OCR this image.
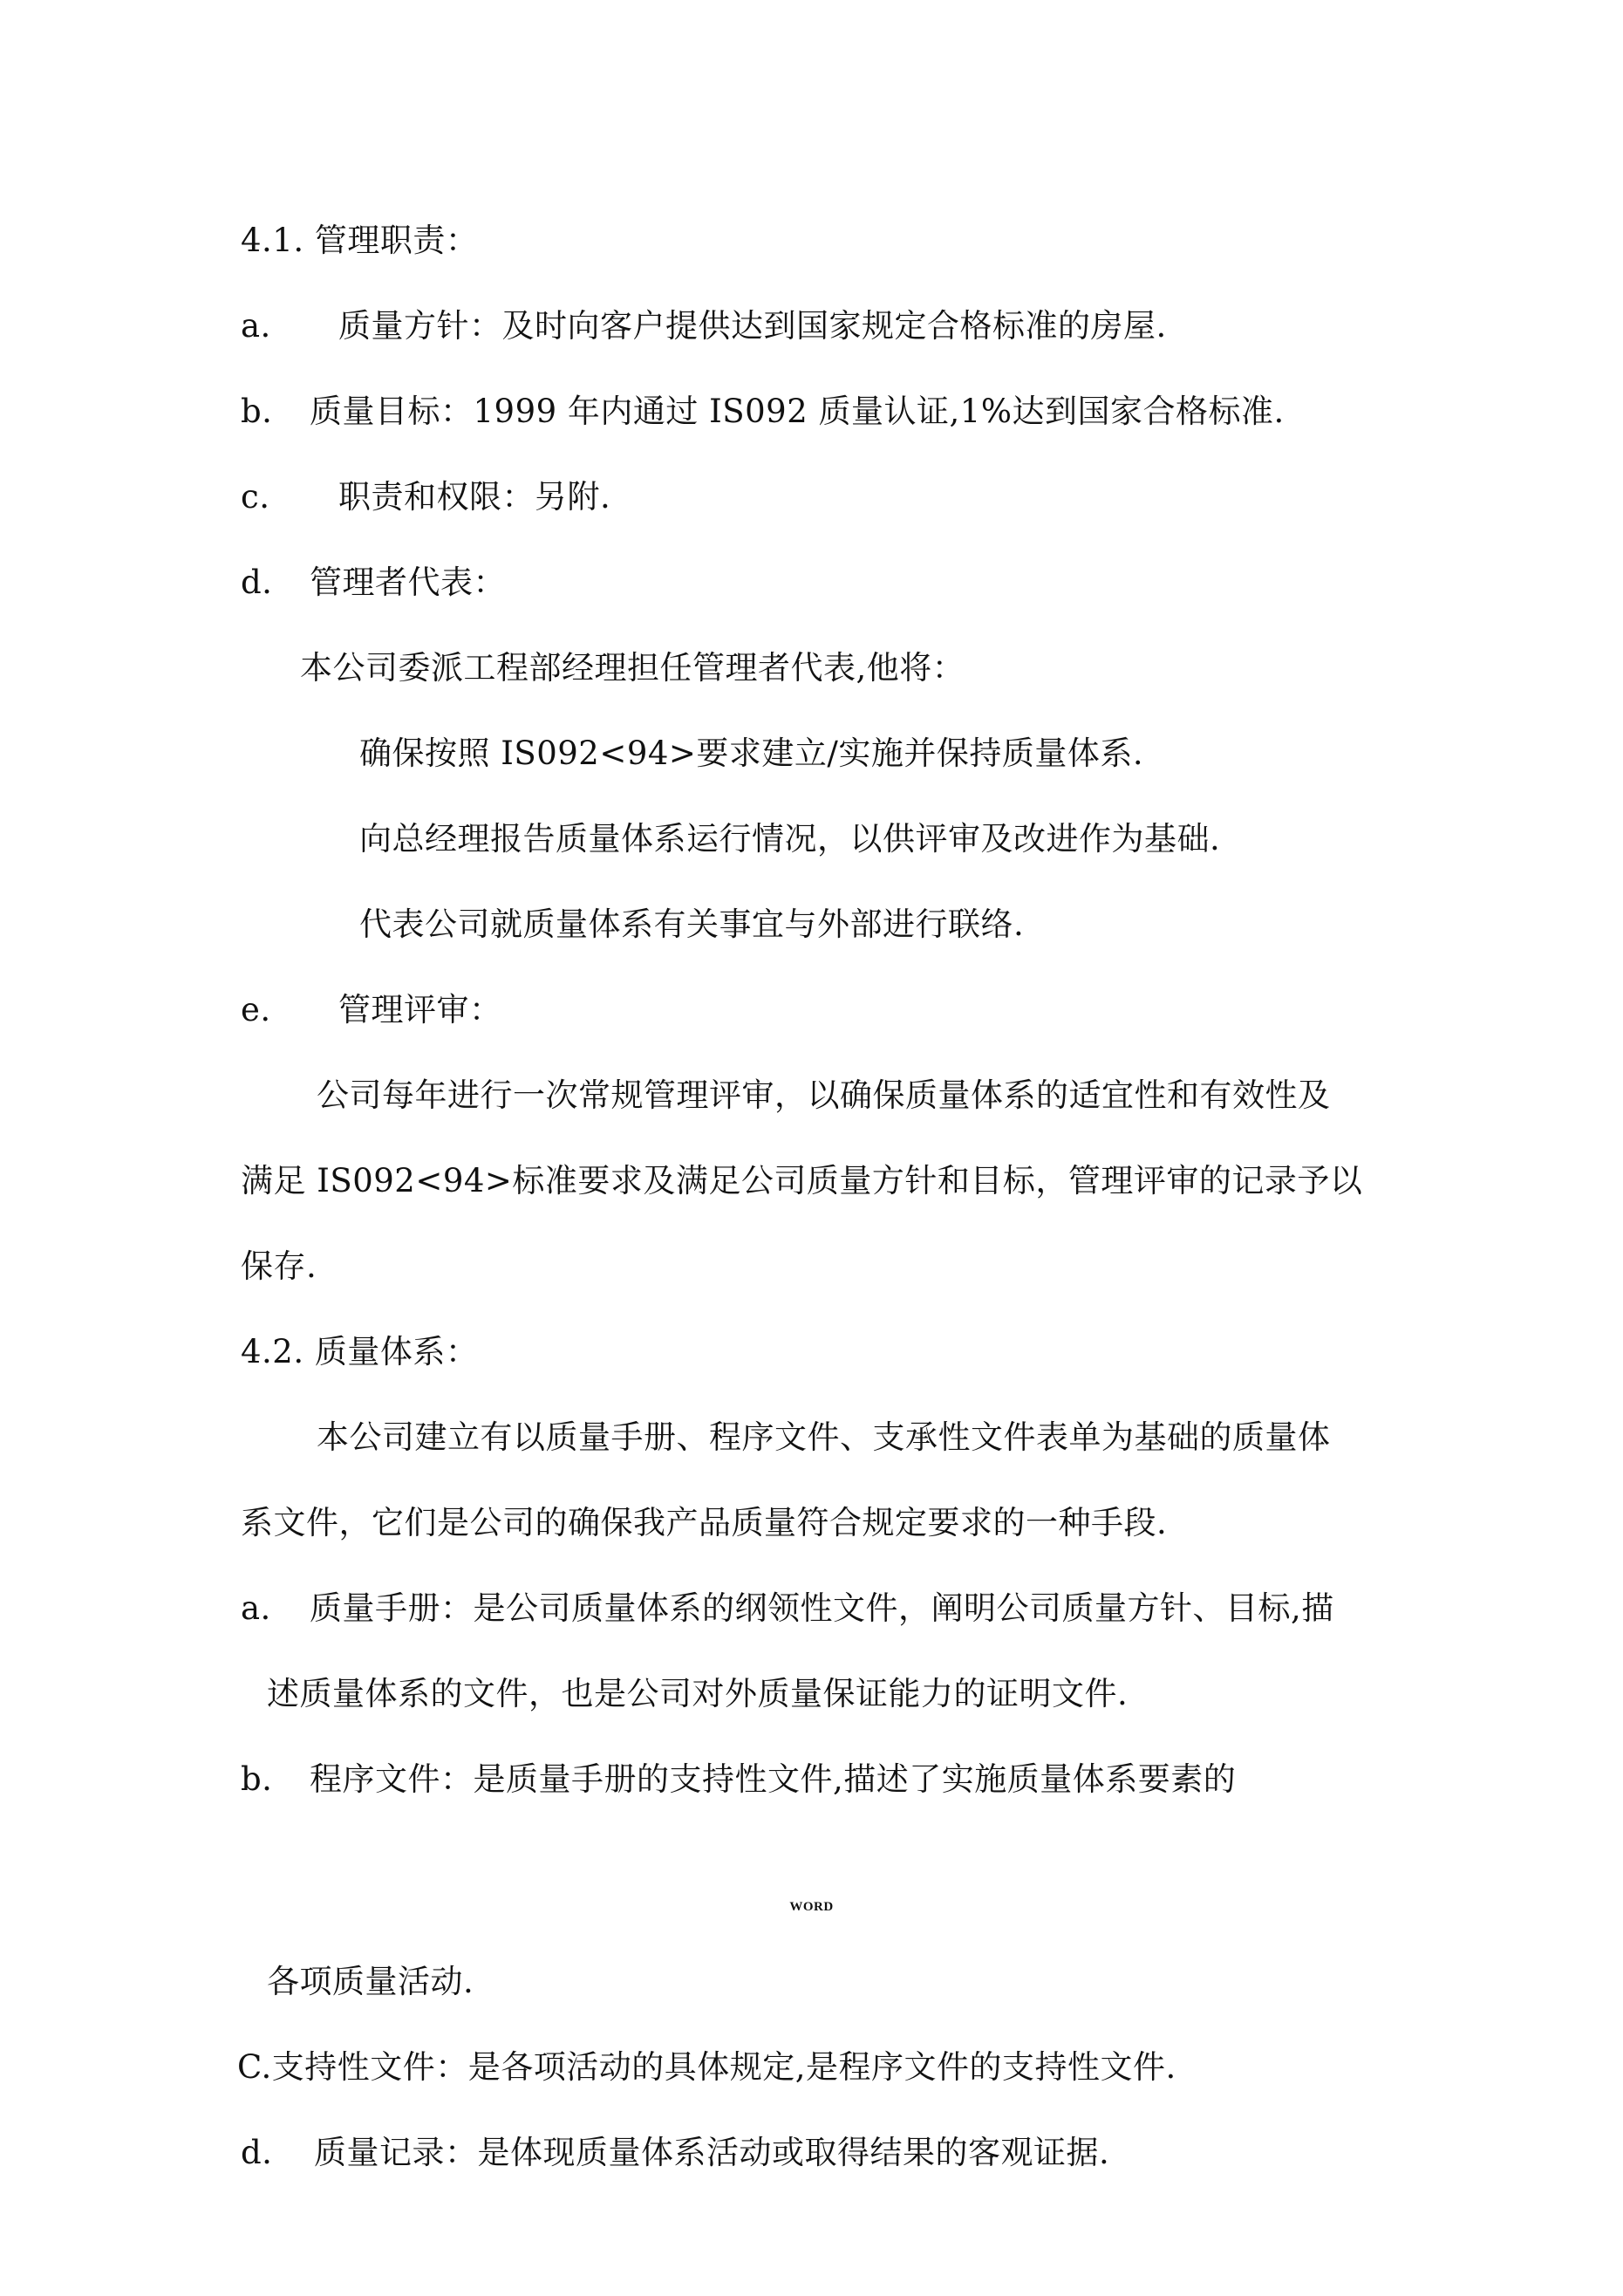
4.1. 管理职责：
a. 质量方针：及时向客户提供达到国家规定合格标准的房屋.
b. 质量目标：1999 年内通过 IS092 质量认证,1%达到国家合格标准.
c. 职责和权限：另附.
d. 管理者代表：
本公司委派工程部经理担任管理者代表,他将：
确保按照 IS092<94>要求建立/实施并保持质量体系.
向总经理报告质量体系运行情况，以供评审及改进作为基础.
代表公司就质量体系有关事宜与外部进行联络.
e. 管理评审：
公司每年进行一次常规管理评审，以确保质量体系的适宜性和有效性及
满足 IS092<94>标准要求及满足公司质量方针和目标，管理评审的记录予以
保存.
4.2. 质量体系：
本公司建立有以质量手册、程序文件、支承性文件表单为基础的质量体
系文件，它们是公司的确保我产品质量符合规定要求的一种手段.
a. 质量手册：是公司质量体系的纲领性文件，阐明公司质量方针、目标,描
述质量体系的文件，也是公司对外质量保证能力的证明文件.
b. 程序文件：是质量手册的支持性文件,描述了实施质量体系要素的
WORD
各项质量活动.
C.支持性文件：是各项活动的具体规定,是程序文件的支持性文件.
d. 质量记录：是体现质量体系活动或取得结果的客观证据.
